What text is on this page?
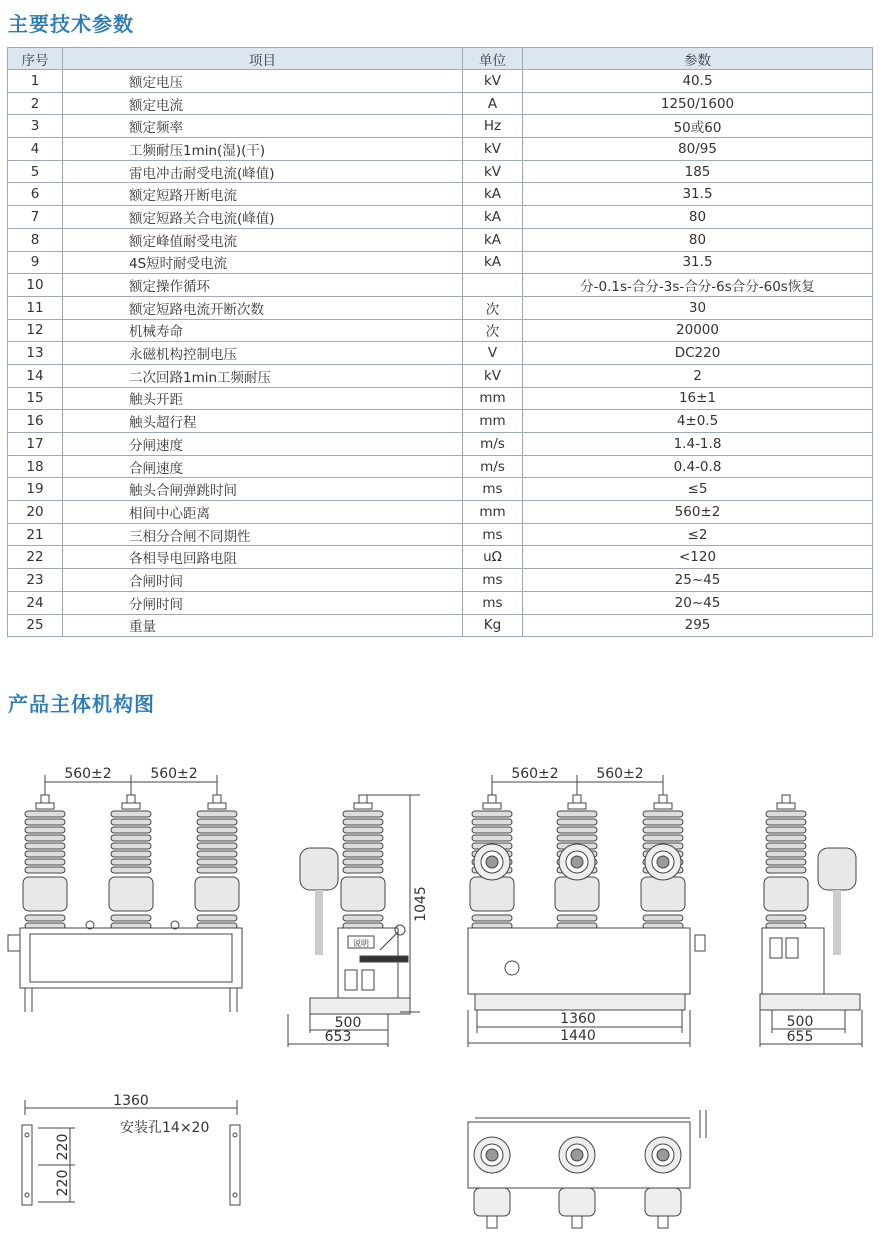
主要技术参数
序号	项目	单位	参数
1	额定电压	kV	40.5
2	额定电流	A	1250/1600
3	额定频率	Hz	50或60
4	工频耐压1min(湿)(干)	kV	80/95
5	雷电冲击耐受电流(峰值)	kV	185
6	额定短路开断电流	kA	31.5
7	额定短路关合电流(峰值)	kA	80
8	额定峰值耐受电流	kA	80
9	4S短时耐受电流	kA	31.5
10	额定操作循环		分-0.1s-合分-3s-合分-6s合分-60s恢复
11	额定短路电流开断次数	次	30
12	机械寿命	次	20000
13	永磁机构控制电压	V	DC220
14	二次回路1min工频耐压	kV	2
15	触头开距	mm	16±1
16	触头超行程	mm	4±0.5
17	分闸速度	m/s	1.4-1.8
18	合闸速度	m/s	0.4-0.8
19	触头合闸弹跳时间	ms	≤5
20	相间中心距离	mm	560±2
21	三相分合闸不同期性	ms	≤2
22	各相导电回路电阻	uΩ	<120
23	合闸时间	ms	25~45
24	分闸时间	ms	20~45
25	重量	Kg	295
产品主体机构图
560±2	560±2	560±2	560±2
1045
500
653
1360
1440
500
655
1360
安装孔14×20
220
220
说明
